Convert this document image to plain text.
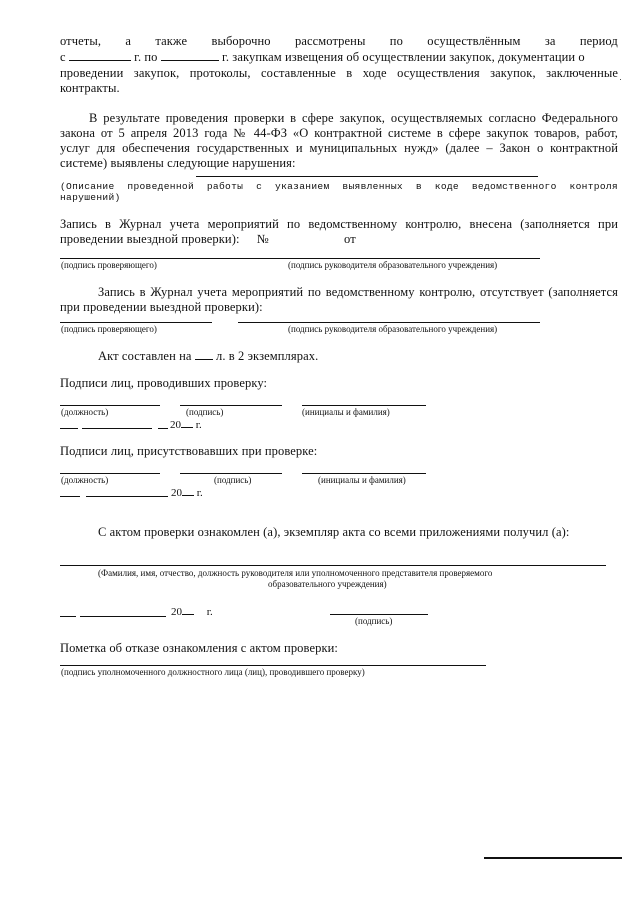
отчеты, а также выборочно рассмотрены по осуществлённым за период
с	г. по	г. закупкам извещения об осуществлении закупок, документации о
проведении закупок, протоколы, составленные в ходе осуществления закупок, заключенные
контракты.
В результате проведения проверки в сфере закупок, осуществляемых согласно Федерального
закона от 5 апреля 2013 года № 44-ФЗ «О контрактной системе в сфере закупок товаров, работ,
услуг для обеспечения государственных и муниципальных нужд» (далее – Закон о контрактной
системе) выявлены следующие нарушения:
(Описание проведенной работы с указанием выявленных в коде ведомственного контроля
нарушений)
Запись в Журнал учета мероприятий по ведомственному контролю, внесена (заполняется при
проведении выездной проверки): №	от
(подпись проверяющего)	(подпись руководителя образовательного учреждения)
Запись в Журнал учета мероприятий по ведомственному контролю, отсутствует (заполняется
при проведении выездной проверки):
(подпись проверяющего)	(подпись руководителя образовательного учреждения)
Акт составлен на л. в 2 экземплярах.
Подписи лиц, проводивших проверку:
(должность)	(подпись)	(инициалы и фамилия)
20 г.
Подписи лиц, присутствовавших при проверке:
(должность)	(подпись)	(инициалы и фамилия)
20 г.
С актом проверки ознакомлен (а), экземпляр акта со всеми приложениями получил (а):
(Фамилия, имя, отчество, должность руководителя или уполномоченного представителя проверяемого
образовательного учреждения)
20 г.
(подпись)
Пометка об отказе ознакомления с актом проверки:
(подпись уполномоченного должностного лица (лиц), проводившего проверку)
